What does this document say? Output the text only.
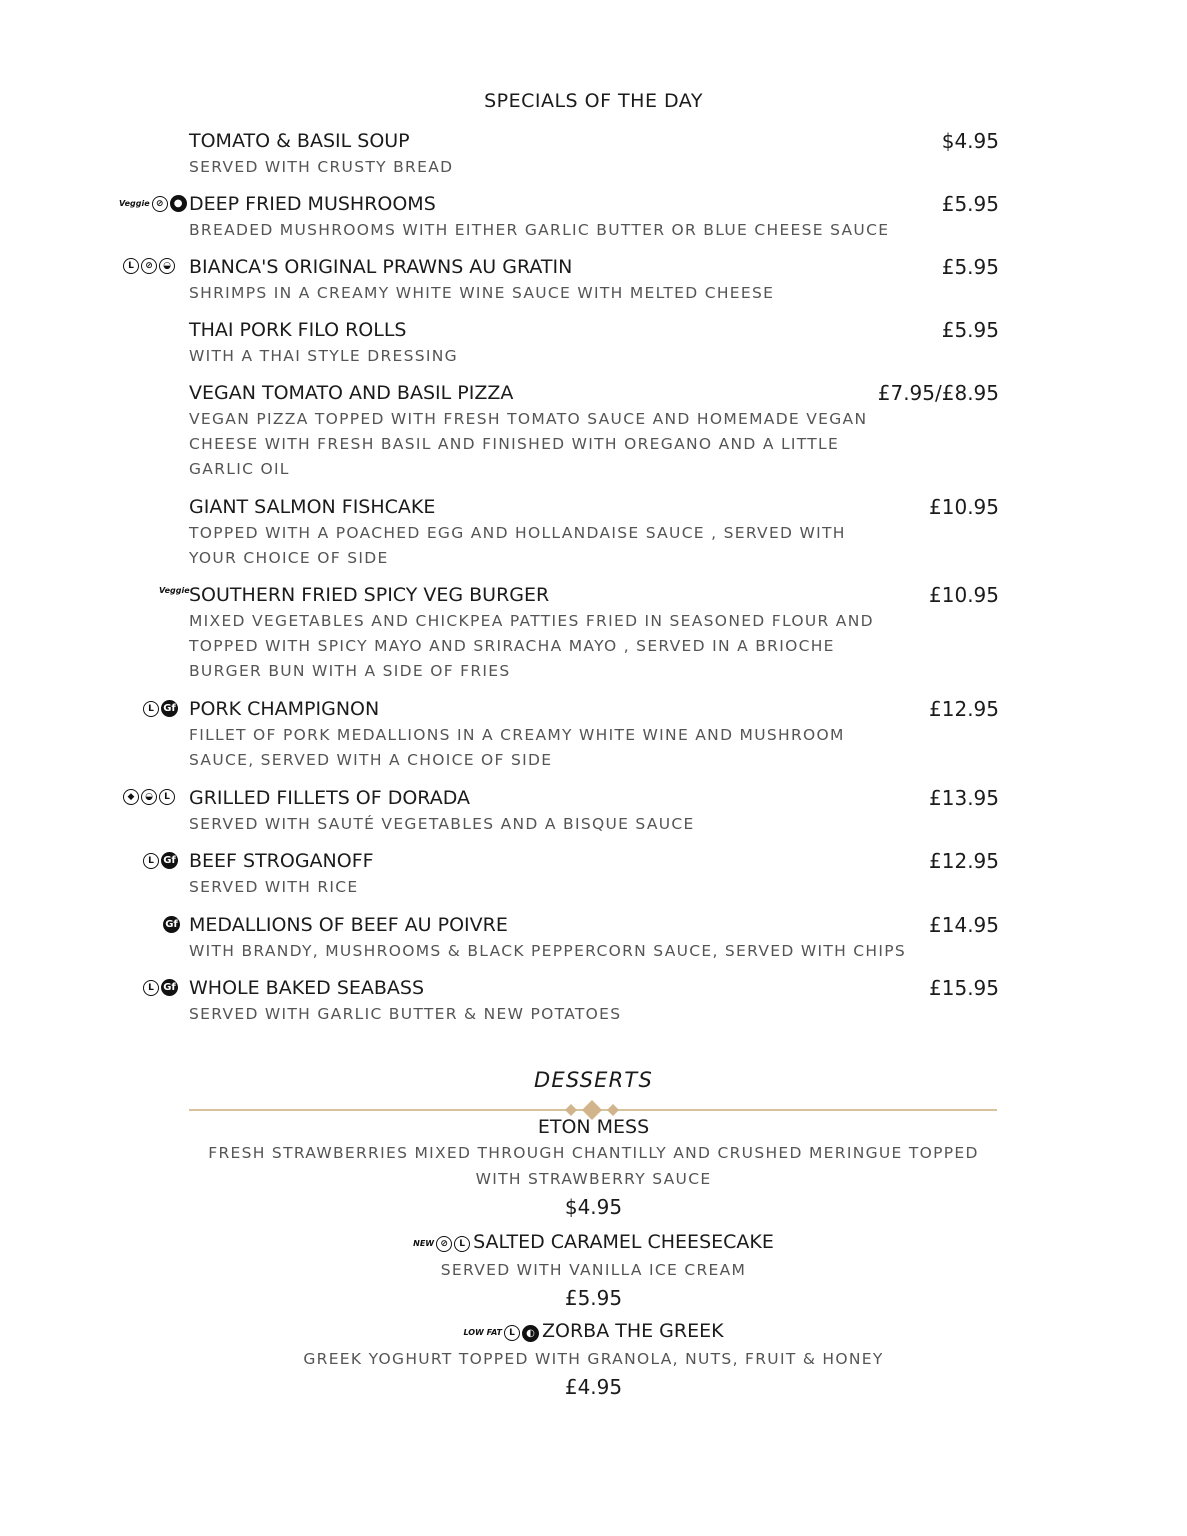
SPECIALS OF THE DAY
TOMATO & BASIL SOUP
SERVED WITH CRUSTY BREAD
$4.95
Veggie ⊘	● DEEP FRIED MUSHROOMS
BREADED MUSHROOMS WITH EITHER GARLIC BUTTER OR BLUE CHEESE SAUCE
£5.95
L	⊘	◒ BIANCA'S ORIGINAL PRAWNS AU GRATIN
SHRIMPS IN A CREAMY WHITE WINE SAUCE WITH MELTED CHEESE
£5.95
THAI PORK FILO ROLLS
WITH A THAI STYLE DRESSING
£5.95
VEGAN TOMATO AND BASIL PIZZA
VEGAN PIZZA TOPPED WITH FRESH TOMATO SAUCE AND HOMEMADE VEGAN CHEESE WITH FRESH BASIL AND FINISHED WITH OREGANO AND A LITTLE GARLIC OIL
£7.95/£8.95
GIANT SALMON FISHCAKE
TOPPED WITH A POACHED EGG AND HOLLANDAISE SAUCE , SERVED WITH YOUR CHOICE OF SIDE
£10.95
Veggie SOUTHERN FRIED SPICY VEG BURGER
MIXED VEGETABLES AND CHICKPEA PATTIES FRIED IN SEASONED FLOUR AND TOPPED WITH SPICY MAYO AND SRIRACHA MAYO , SERVED IN A BRIOCHE BURGER BUN WITH A SIDE OF FRIES
£10.95
L Gf PORK CHAMPIGNON
FILLET OF PORK MEDALLIONS IN A CREAMY WHITE WINE AND MUSHROOM SAUCE, SERVED WITH A CHOICE OF SIDE
£12.95
◆	◒	L GRILLED FILLETS OF DORADA
SERVED WITH SAUTÉ VEGETABLES AND A BISQUE SAUCE
£13.95
L Gf BEEF STROGANOFF
SERVED WITH RICE
£12.95
Gf MEDALLIONS OF BEEF AU POIVRE
WITH BRANDY, MUSHROOMS & BLACK PEPPERCORN SAUCE, SERVED WITH CHIPS
£14.95
L Gf WHOLE BAKED SEABASS
SERVED WITH GARLIC BUTTER & NEW POTATOES
£15.95
DESSERTS
ETON MESS
FRESH STRAWBERRIES MIXED THROUGH CHANTILLY AND CRUSHED MERINGUE TOPPED WITH STRAWBERRY SAUCE
$4.95
NEW ⊘	L SALTED CARAMEL CHEESECAKE
SERVED WITH VANILLA ICE CREAM
£5.95
LOW FAT L	◐ ZORBA THE GREEK
GREEK YOGHURT TOPPED WITH GRANOLA, NUTS, FRUIT & HONEY
£4.95
